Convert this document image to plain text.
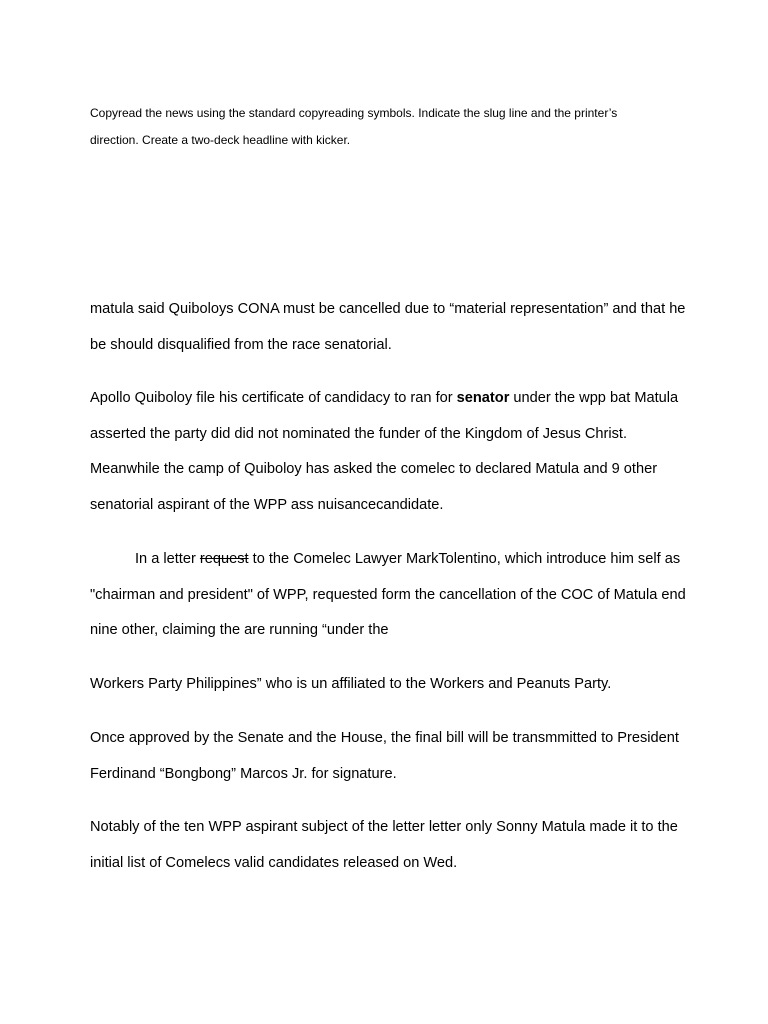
Copyread the news using the standard copyreading symbols. Indicate the slug line and the printer’s
direction. Create a two-deck headline with kicker.

matula said Quiboloys CONA must be cancelled due to “material representation” and that he be should disqualified from the race senatorial.

Apollo Quiboloy file his certificate of candidacy to ran for senator under the wpp bat Matula asserted the party did did not nominated the funder of the Kingdom of Jesus Christ. Meanwhile the camp of Quiboloy has asked the comelec to declared Matula and 9 other senatorial aspirant of the WPP ass nuisancecandidate.

In a letter request to the Comelec Lawyer MarkTolentino, which introduce him self as "chairman and president" of WPP, requested form the cancellation of the COC of Matula end nine other, claiming the are running “under the

Workers Party Philippines” who is un affiliated to the Workers and Peanuts Party.

Once approved by the Senate and the House, the final bill will be transmmitted to President Ferdinand “Bongbong” Marcos Jr. for signature.

Notably of the ten WPP aspirant subject of the letter letter only Sonny Matula made it to the initial list of Comelecs valid candidates released on Wed.
